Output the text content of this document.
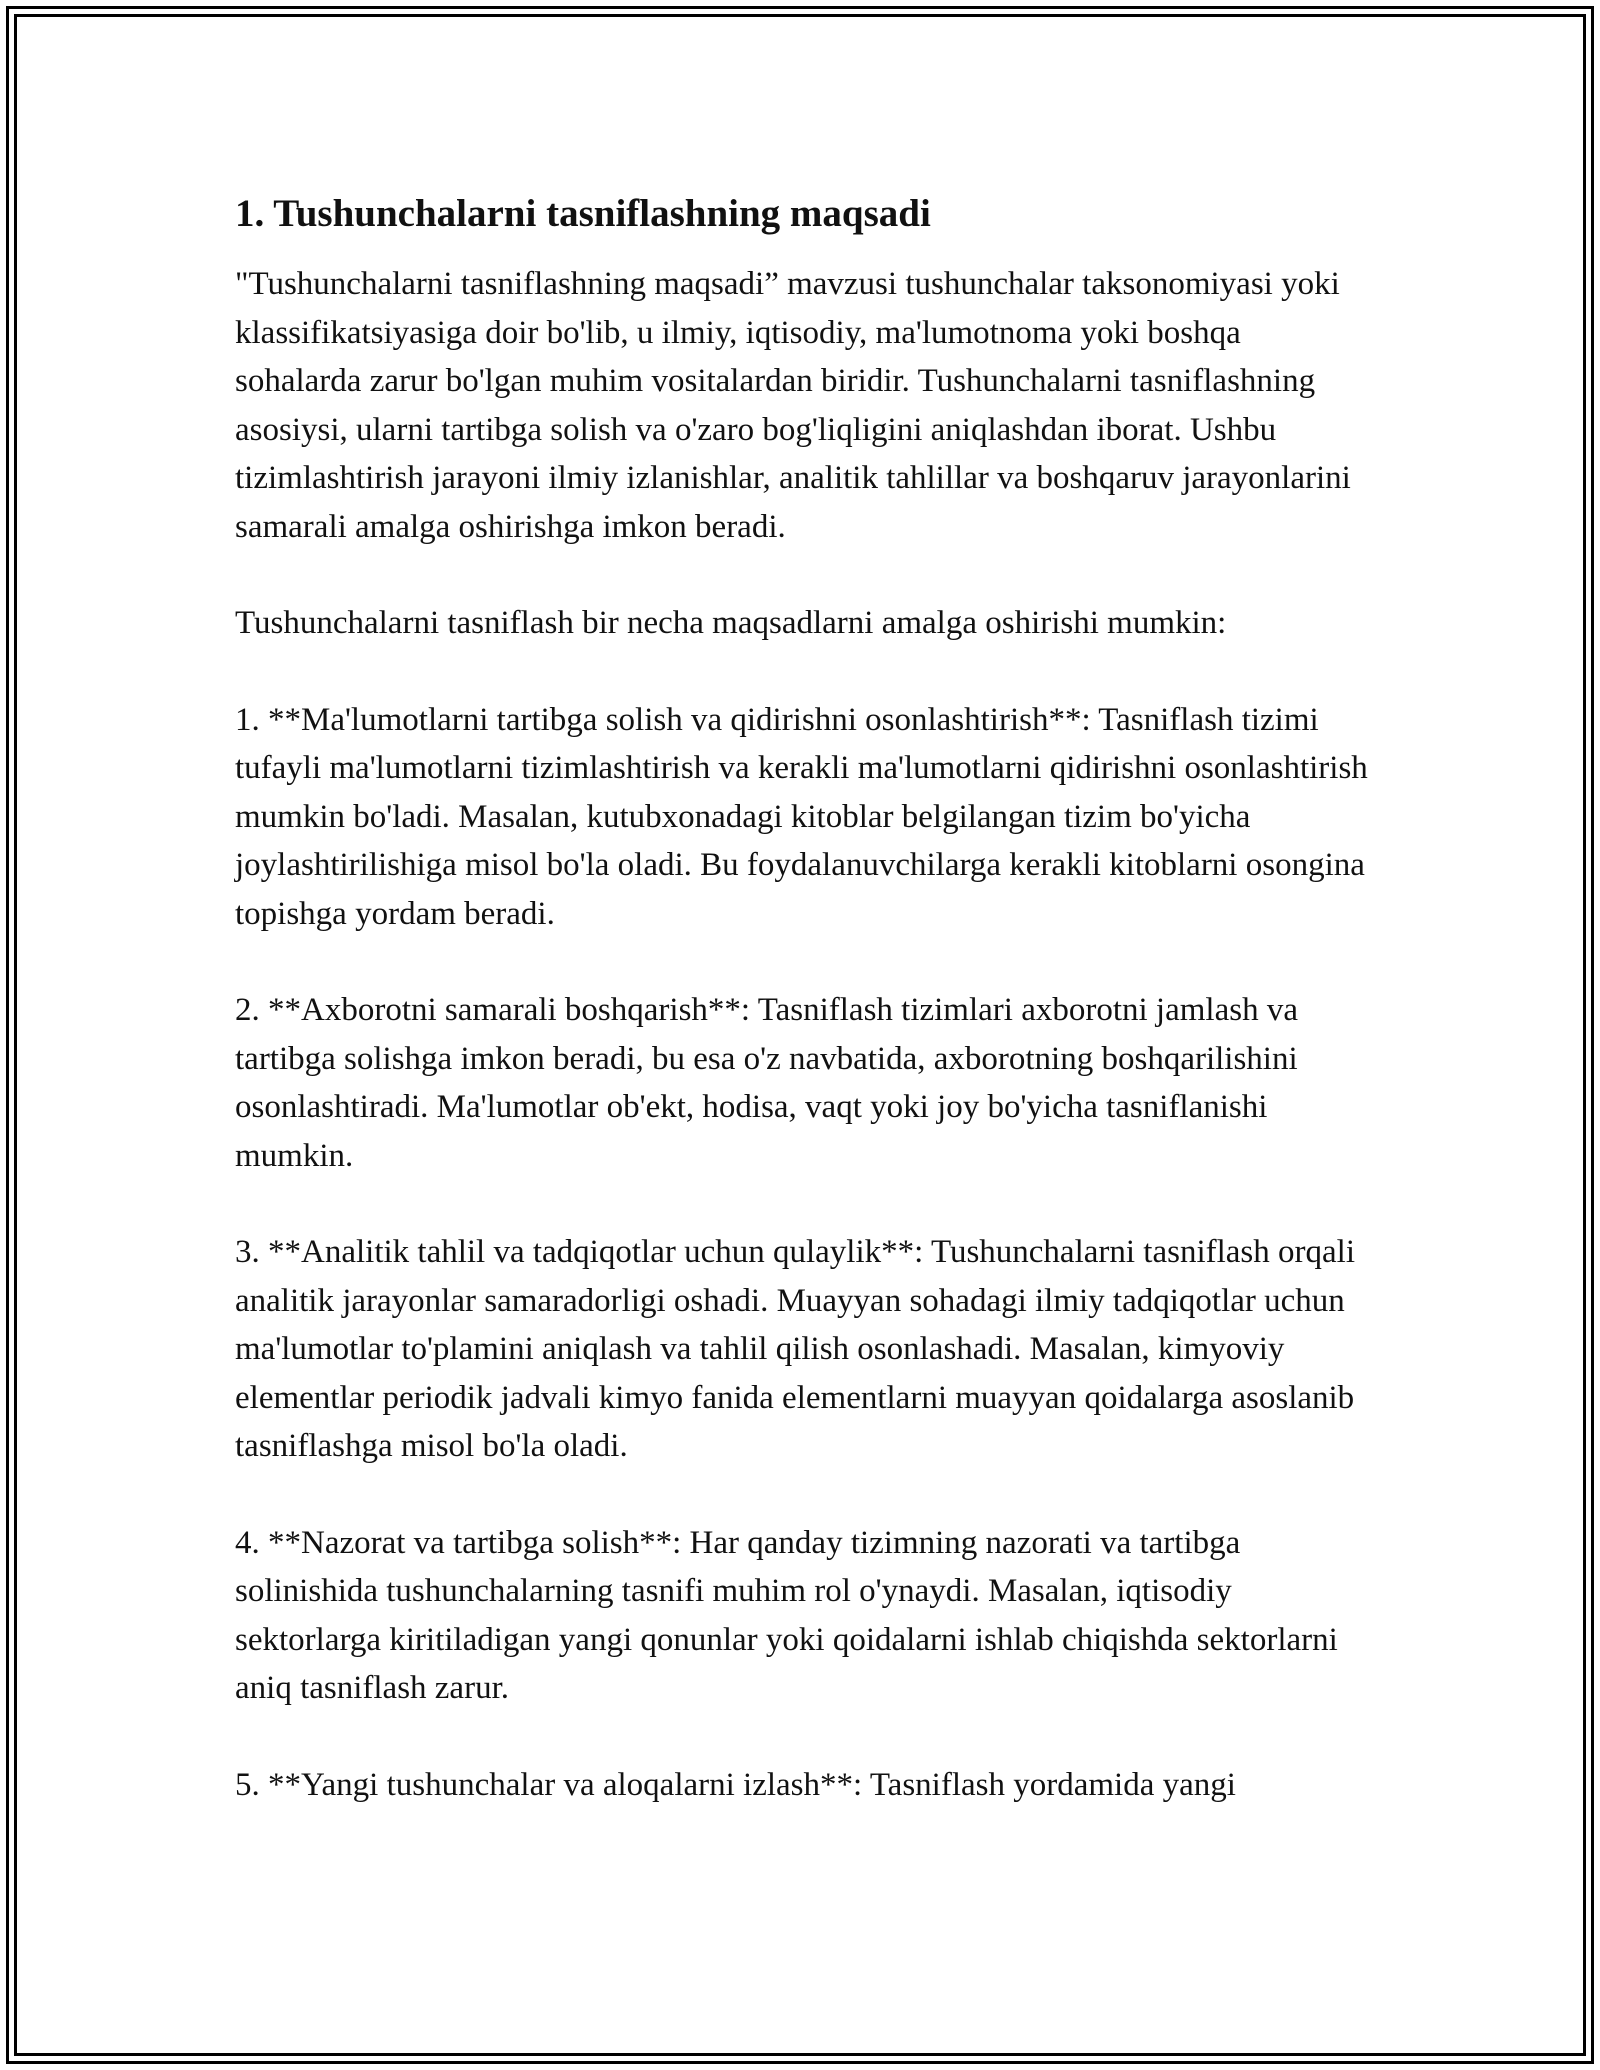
1. Tushunchalarni tasniflashning maqsadi

"Tushunchalarni tasniflashning maqsadi” mavzusi tushunchalar taksonomiyasi yoki klassifikatsiyasiga doir bo'lib, u ilmiy, iqtisodiy, ma'lumotnoma yoki boshqa sohalarda zarur bo'lgan muhim vositalardan biridir. Tushunchalarni tasniflashning asosiysi, ularni tartibga solish va o'zaro bog'liqligini aniqlashdan iborat. Ushbu tizimlashtirish jarayoni ilmiy izlanishlar, analitik tahlillar va boshqaruv jarayonlarini samarali amalga oshirishga imkon beradi.

Tushunchalarni tasniflash bir necha maqsadlarni amalga oshirishi mumkin:

1. **Ma'lumotlarni tartibga solish va qidirishni osonlashtirish**: Tasniflash tizimi tufayli ma'lumotlarni tizimlashtirish va kerakli ma'lumotlarni qidirishni osonlashtirish mumkin bo'ladi. Masalan, kutubxonadagi kitoblar belgilangan tizim bo'yicha joylashtirilishiga misol bo'la oladi. Bu foydalanuvchilarga kerakli kitoblarni osongina topishga yordam beradi.

2. **Axborotni samarali boshqarish**: Tasniflash tizimlari axborotni jamlash va tartibga solishga imkon beradi, bu esa o'z navbatida, axborotning boshqarilishini osonlashtiradi. Ma'lumotlar ob'ekt, hodisa, vaqt yoki joy bo'yicha tasniflanishi mumkin.

3. **Analitik tahlil va tadqiqotlar uchun qulaylik**: Tushunchalarni tasniflash orqali analitik jarayonlar samaradorligi oshadi. Muayyan sohadagi ilmiy tadqiqotlar uchun ma'lumotlar to'plamini aniqlash va tahlil qilish osonlashadi. Masalan, kimyoviy elementlar periodik jadvali kimyo fanida elementlarni muayyan qoidalarga asoslanib tasniflashga misol bo'la oladi.

4. **Nazorat va tartibga solish**: Har qanday tizimning nazorati va tartibga solinishida tushunchalarning tasnifi muhim rol o'ynaydi. Masalan, iqtisodiy sektorlarga kiritiladigan yangi qonunlar yoki qoidalarni ishlab chiqishda sektorlarni aniq tasniflash zarur.

5. **Yangi tushunchalar va aloqalarni izlash**: Tasniflash yordamida yangi
